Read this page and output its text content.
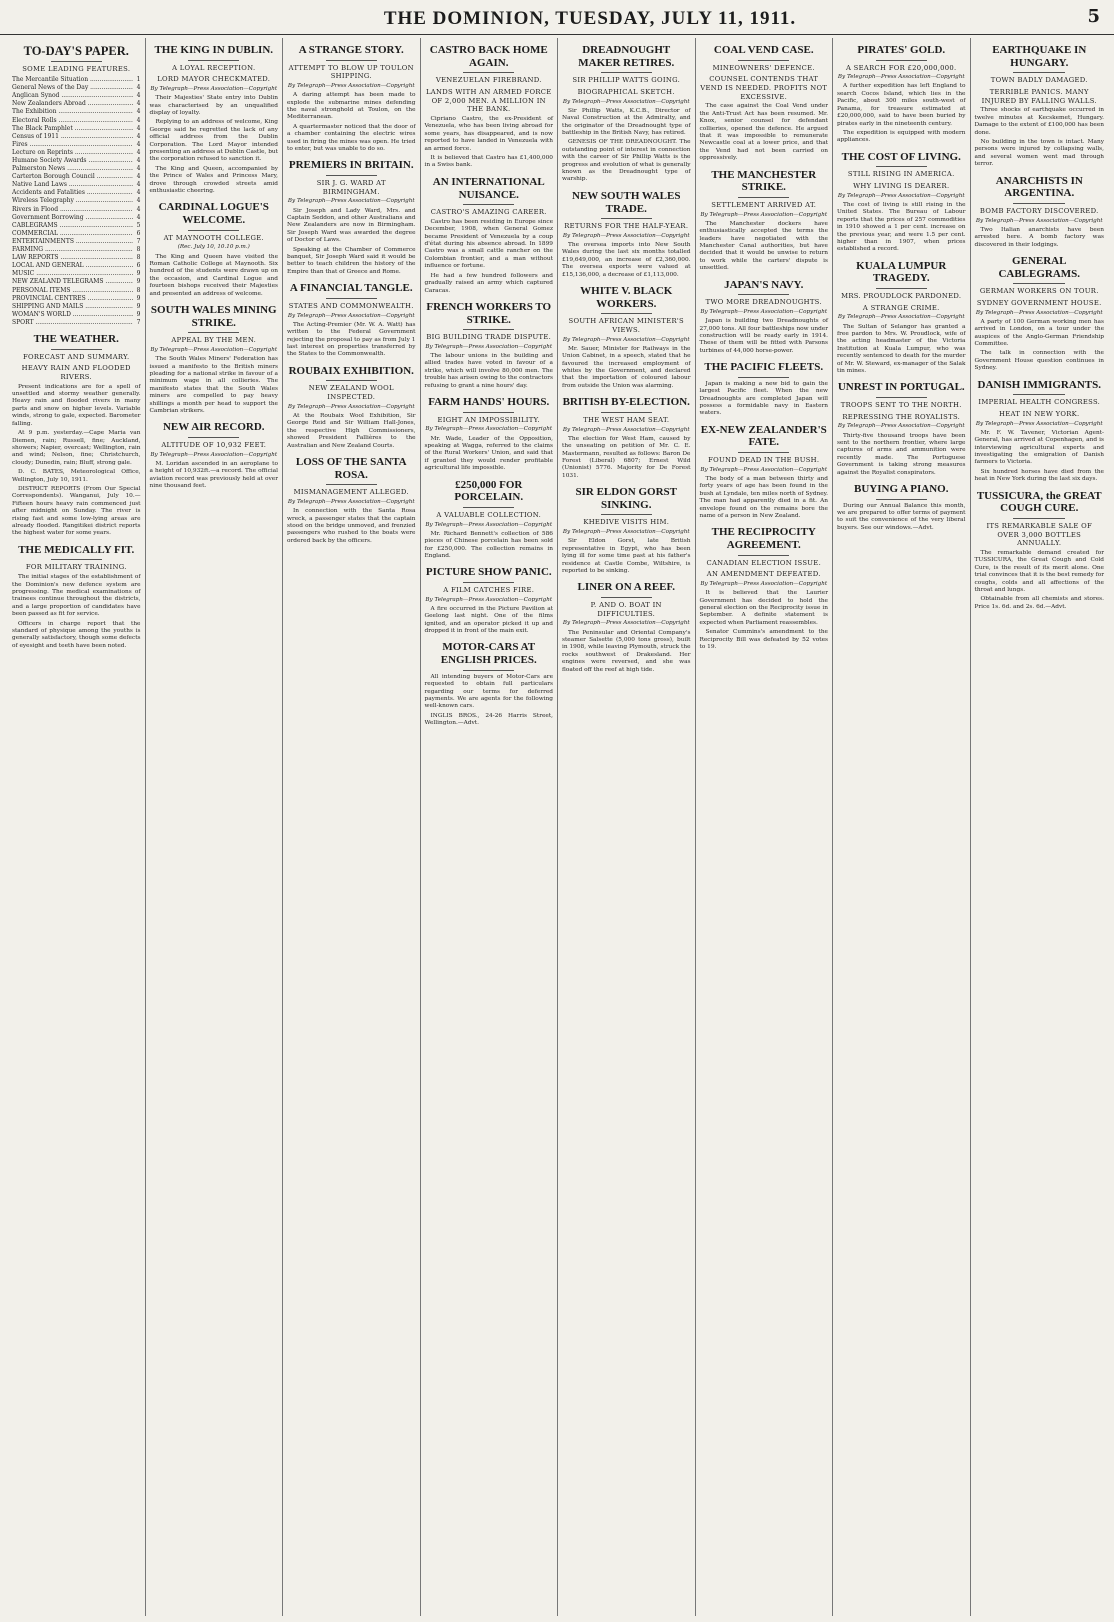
THE DOMINION, TUESDAY, JULY 11, 1911.	5
TO-DAY'S PAPER.
SOME LEADING FEATURES.
The Mercantile Situation .....	1
General News of the Day .....	4
Anglican Synod .....	4
New Zealanders Abroad .....	4
The Exhibition .....	4
Electoral Rolls .....	4
The Black Pamphlet .....	4
Census of 1911 .....	4
Fires .....	4
Lecture on Reprints .....	4
Humane Society Awards .....	4
Palmerston News .....	4
Carterton Borough Council .....	4
Native Land Laws .....	4
Accidents and Fatalities .....	4
Wireless Telegraphy .....	4
Rivers in Flood .....	4
Government Borrowing .....	4
CABLEGRAMS .....	5
COMMERCIAL .....	6
ENTERTAINMENTS .....	7
FARMING .....	8
LAW REPORTS .....	8
LOCAL AND GENERAL .....	6
MUSIC .....	9
NEW ZEALAND TELEGRAMS .....	9
PERSONAL ITEMS .....	8
PROVINCIAL CENTRES .....	9
SHIPPING AND MAILS .....	9
WOMAN'S WORLD .....	9
SPORT .....	7
THE WEATHER.
FORECAST AND SUMMARY.
HEAVY RAIN AND FLOODED RIVERS.

Present indications are for a spell of unsettled and stormy weather generally. Heavy rain and flooded rivers in many parts and snow on higher levels. Variable winds, strong to gale, expected. Barometer falling.

At 9 p.m. yesterday.—Cape Maria van Diemen, rain; Russell, fine; Auckland, showers; Napier, overcast; Wellington, rain and wind; Nelson, fine; Christchurch, cloudy; Dunedin, rain; Bluff, strong gale.

D. C. BATES, Meteorological Office, Wellington, July 10, 1911.

DISTRICT REPORTS (From Our Special Correspondents). Wanganui, July 10.—Fifteen hours heavy rain commenced just after midnight on Sunday. The river is rising fast and some low-lying areas are already flooded. Rangitikei district reports the highest water for some years.

THE MEDICALLY FIT.
FOR MILITARY TRAINING.

The initial stages of the establishment of the Dominion's new defence system are progressing. The medical examinations of trainees continue throughout the districts, and a large proportion of candidates have been passed as fit for service.

Officers in charge report that the standard of physique among the youths is generally satisfactory, though some defects of eyesight and teeth have been noted.

THE KING IN DUBLIN.
A LOYAL RECEPTION.
LORD MAYOR CHECKMATED.
By Telegraph—Press Association—Copyright

Their Majesties' State entry into Dublin was characterised by an unqualified display of loyalty.

Replying to an address of welcome, King George said he regretted the lack of any official address from the Dublin Corporation. The Lord Mayor intended presenting an address at Dublin Castle, but the corporation refused to sanction it.

The King and Queen, accompanied by the Prince of Wales and Princess Mary, drove through crowded streets amid enthusiastic cheering.

CARDINAL LOGUE'S WELCOME.
AT MAYNOOTH COLLEGE.
(Rec. July 10, 10.10 p.m.)

The King and Queen have visited the Roman Catholic College at Maynooth. Six hundred of the students were drawn up on the occasion, and Cardinal Logue and fourteen bishops received their Majesties and presented an address of welcome.

SOUTH WALES MINING STRIKE.
APPEAL BY THE MEN.
By Telegraph—Press Association—Copyright

The South Wales Miners' Federation has issued a manifesto to the British miners pleading for a national strike in favour of a minimum wage in all collieries. The manifesto states that the South Wales miners are compelled to pay heavy shillings a month per head to support the Cambrian strikers.

NEW AIR RECORD.
ALTITUDE OF 10,932 FEET.
By Telegraph—Press Association—Copyright

M. Loridan ascended in an aeroplane to a height of 10,932ft.—a record. The official aviation record was previously held at over nine thousand feet.

A STRANGE STORY.
ATTEMPT TO BLOW UP TOULON SHIPPING.
By Telegraph—Press Association—Copyright

A daring attempt has been made to explode the submarine mines defending the naval stronghold at Toulon, on the Mediterranean.

A quartermaster noticed that the door of a chamber containing the electric wires used in firing the mines was open. He tried to enter, but was unable to do so.

PREMIERS IN BRITAIN.
SIR J. G. WARD AT BIRMINGHAM.
By Telegraph—Press Association—Copyright

Sir Joseph and Lady Ward, Mrs. and Captain Seddon, and other Australians and New Zealanders are now in Birmingham. Sir Joseph Ward was awarded the degree of Doctor of Laws.

Speaking at the Chamber of Commerce banquet, Sir Joseph Ward said it would be better to teach children the history of the Empire than that of Greece and Rome.

A FINANCIAL TANGLE.
STATES AND COMMONWEALTH.
By Telegraph—Press Association—Copyright

The Acting-Premier (Mr. W. A. Watt) has written to the Federal Government rejecting the proposal to pay as from July 1 last interest on properties transferred by the States to the Commonwealth.

ROUBAIX EXHIBITION.
NEW ZEALAND WOOL INSPECTED.
By Telegraph—Press Association—Copyright

At the Roubaix Wool Exhibition, Sir George Reid and Sir William Hall-Jones, the respective High Commissioners, showed President Fallières to the Australian and New Zealand Courts.

LOSS OF THE SANTA ROSA.
MISMANAGEMENT ALLEGED.
By Telegraph—Press Association—Copyright

In connection with the Santa Rosa wreck, a passenger states that the captain stood on the bridge unmoved, and frenzied passengers who rushed to the boats were ordered back by the officers.

CASTRO BACK HOME AGAIN.
VENEZUELAN FIREBRAND.
LANDS WITH AN ARMED FORCE OF 2,000 MEN. A MILLION IN THE BANK.

Cipriano Castro, the ex-President of Venezuela, who has been living abroad for some years, has disappeared, and is now reported to have landed in Venezuela with an armed force.

It is believed that Castro has £1,400,000 in a Swiss bank.

AN INTERNATIONAL NUISANCE.
CASTRO'S AMAZING CAREER.

Castro has been residing in Europe since December, 1908, when General Gomez became President of Venezuela by a coup d'état during his absence abroad. In 1899 Castro was a small cattle rancher on the Colombian frontier, and a man without influence or fortune.

He had a few hundred followers and gradually raised an army which captured Caracas.

FRENCH WORKERS TO STRIKE.
BIG BUILDING TRADE DISPUTE.
By Telegraph—Press Association—Copyright

The labour unions in the building and allied trades have voted in favour of a strike, which will involve 80,000 men. The trouble has arisen owing to the contractors refusing to grant a nine hours' day.

FARM HANDS' HOURS.
EIGHT AN IMPOSSIBILITY.
By Telegraph—Press Association—Copyright

Mr. Wade, Leader of the Opposition, speaking at Wagga, referred to the claims of the Rural Workers' Union, and said that if granted they would render profitable agricultural life impossible.

£250,000 FOR PORCELAIN.
A VALUABLE COLLECTION.
By Telegraph—Press Association—Copyright

Mr. Richard Bennett's collection of 586 pieces of Chinese porcelain has been sold for £250,000. The collection remains in England.

PICTURE SHOW PANIC.
A FILM CATCHES FIRE.
By Telegraph—Press Association—Copyright

A fire occurred in the Picture Pavilion at Geelong last night. One of the films ignited, and an operator picked it up and dropped it in front of the main exit.

MOTOR-CARS AT ENGLISH PRICES.

All intending buyers of Motor-Cars are requested to obtain full particulars regarding our terms for deferred payments. We are agents for the following well-known cars.

INGLIS BROS., 24-26 Harris Street, Wellington.—Advt.

DREADNOUGHT MAKER RETIRES.
SIR PHILLIP WATTS GOING.
BIOGRAPHICAL SKETCH.
By Telegraph—Press Association—Copyright

Sir Phillip Watts, K.C.B., Director of Naval Construction at the Admiralty, and the originator of the Dreadnought type of battleship in the British Navy, has retired.

GENESIS OF THE DREADNOUGHT. The outstanding point of interest in connection with the career of Sir Phillip Watts is the progress and evolution of what is generally known as the Dreadnought type of warship.

NEW SOUTH WALES TRADE.
RETURNS FOR THE HALF-YEAR.
By Telegraph—Press Association—Copyright

The oversea imports into New South Wales during the last six months totalled £19,649,000, an increase of £2,360,000. The oversea exports were valued at £15,136,000, a decrease of £1,113,000.

WHITE V. BLACK WORKERS.
SOUTH AFRICAN MINISTER'S VIEWS.
By Telegraph—Press Association—Copyright

Mr. Sauer, Minister for Railways in the Union Cabinet, in a speech, stated that he favoured the increased employment of whites by the Government, and declared that the importation of coloured labour from outside the Union was alarming.

BRITISH BY-ELECTION.
THE WEST HAM SEAT.
By Telegraph—Press Association—Copyright

The election for West Ham, caused by the unseating on petition of Mr. C. E. Mastermann, resulted as follows: Baron De Forest (Liberal) 6807; Ernest Wild (Unionist) 5776. Majority for De Forest 1031.

SIR ELDON GORST SINKING.
KHEDIVE VISITS HIM.
By Telegraph—Press Association—Copyright

Sir Eldon Gorst, late British representative in Egypt, who has been lying ill for some time past at his father's residence at Castle Combe, Wiltshire, is reported to be sinking.

LINER ON A REEF.
P. AND O. BOAT IN DIFFICULTIES.
By Telegraph—Press Association—Copyright

The Peninsular and Oriental Company's steamer Salsette (5,000 tons gross), built in 1908, while leaving Plymouth, struck the rocks southwest of Drakesland. Her engines were reversed, and she was floated off the reef at high tide.

COAL VEND CASE.
MINEOWNERS' DEFENCE.
COUNSEL CONTENDS THAT VEND IS NEEDED. PROFITS NOT EXCESSIVE.

The case against the Coal Vend under the Anti-Trust Act has been resumed. Mr. Knox, senior counsel for defendant collieries, opened the defence. He argued that it was impossible to remunerate Newcastle coal at a lower price, and that the Vend had not been carried on oppressively.

THE MANCHESTER STRIKE.
SETTLEMENT ARRIVED AT.
By Telegraph—Press Association—Copyright

The Manchester dockers have enthusiastically accepted the terms the leaders have negotiated with the Manchester Canal authorities, but have decided that it would be unwise to return to work while the carters' dispute is unsettled.

JAPAN'S NAVY.
TWO MORE DREADNOUGHTS.
By Telegraph—Press Association—Copyright

Japan is building two Dreadnoughts of 27,000 tons. All four battleships now under construction will be ready early in 1914. These of them will be fitted with Parsons turbines of 44,000 horse-power.

THE PACIFIC FLEETS.

Japan is making a new bid to gain the largest Pacific fleet. When the new Dreadnoughts are completed Japan will possess a formidable navy in Eastern waters.

EX-NEW ZEALANDER'S FATE.
FOUND DEAD IN THE BUSH.
By Telegraph—Press Association—Copyright

The body of a man between thirty and forty years of age has been found in the bush at Lyndale, ten miles north of Sydney. The man had apparently died in a fit. An envelope found on the remains bore the name of a person in New Zealand.

THE RECIPROCITY AGREEMENT.
CANADIAN ELECTION ISSUE.
AN AMENDMENT DEFEATED.
By Telegraph—Press Association—Copyright

It is believed that the Laurier Government has decided to hold the general election on the Reciprocity issue in September. A definite statement is expected when Parliament reassembles.

Senator Cummins's amendment to the Reciprocity Bill was defeated by 52 votes to 19.

PIRATES' GOLD.
A SEARCH FOR £20,000,000.
By Telegraph—Press Association—Copyright

A further expedition has left England to search Cocos Island, which lies in the Pacific, about 300 miles south-west of Panama, for treasure estimated at £20,000,000, said to have been buried by pirates early in the nineteenth century.

The expedition is equipped with modern appliances.

THE COST OF LIVING.
STILL RISING IN AMERICA.
WHY LIVING IS DEARER.
By Telegraph—Press Association—Copyright

The cost of living is still rising in the United States. The Bureau of Labour reports that the prices of 257 commodities in 1910 showed a 1 per cent. increase on the previous year, and were 1.5 per cent. higher than in 1907, when prices established a record.

KUALA LUMPUR TRAGEDY.
MRS. PROUDLOCK PARDONED.
A STRANGE CRIME.
By Telegraph—Press Association—Copyright

The Sultan of Selangor has granted a free pardon to Mrs. W. Proudlock, wife of the acting headmaster of the Victoria Institution at Kuala Lumpur, who was recently sentenced to death for the murder of Mr. W. Steward, ex-manager of the Salak tin mines.

UNREST IN PORTUGAL.
TROOPS SENT TO THE NORTH.
REPRESSING THE ROYALISTS.
By Telegraph—Press Association—Copyright

Thirty-five thousand troops have been sent to the northern frontier, where large captures of arms and ammunition were recently made. The Portuguese Government is taking strong measures against the Royalist conspirators.

BUYING A PIANO.

During our Annual Balance this month, we are prepared to offer terms of payment to suit the convenience of the very liberal buyers. See our windows.—Advt.

EARTHQUAKE IN HUNGARY.
TOWN BADLY DAMAGED.
TERRIBLE PANICS. MANY INJURED BY FALLING WALLS.

Three shocks of earthquake occurred in twelve minutes at Kecskemet, Hungary. Damage to the extent of £100,000 has been done.

No building in the town is intact. Many persons were injured by collapsing walls, and several women went mad through terror.

ANARCHISTS IN ARGENTINA.
BOMB FACTORY DISCOVERED.
By Telegraph—Press Association—Copyright

Two Italian anarchists have been arrested here. A bomb factory was discovered in their lodgings.

GENERAL CABLEGRAMS.
GERMAN WORKERS ON TOUR.
SYDNEY GOVERNMENT HOUSE.
By Telegraph—Press Association—Copyright

A party of 100 German working men has arrived in London, on a tour under the auspices of the Anglo-German Friendship Committee.

The talk in connection with the Government House question continues in Sydney.

DANISH IMMIGRANTS.
IMPERIAL HEALTH CONGRESS.
HEAT IN NEW YORK.
By Telegraph—Press Association—Copyright

Mr. F. W. Tavener, Victorian Agent-General, has arrived at Copenhagen, and is interviewing agricultural experts and investigating the emigration of Danish farmers to Victoria.

Six hundred horses have died from the heat in New York during the last six days.

TUSSICURA, the GREAT COUGH CURE.
ITS REMARKABLE SALE OF OVER 3,000 BOTTLES ANNUALLY.

The remarkable demand created for TUSSICURA, the Great Cough and Cold Cure, is the result of its merit alone. One trial convinces that it is the best remedy for coughs, colds and all affections of the throat and lungs.

Obtainable from all chemists and stores. Price 1s. 6d. and 2s. 6d.—Advt.
